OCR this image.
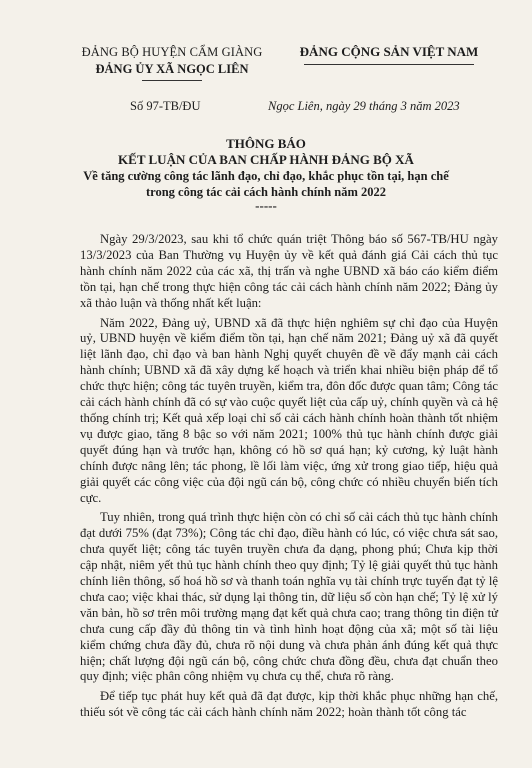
ĐẢNG BỘ HUYỆN CẨM GIÀNG
ĐẢNG ỦY XÃ NGỌC LIÊN
ĐẢNG CỘNG SẢN VIỆT NAM
Số 97-TB/ĐU	Ngọc Liên, ngày 29 tháng 3 năm 2023
THÔNG BÁO
KẾT LUẬN CỦA BAN CHẤP HÀNH ĐẢNG BỘ XÃ
Về tăng cường công tác lãnh đạo, chỉ đạo, khắc phục tồn tại, hạn chế
trong công tác cải cách hành chính năm 2022
-----

Ngày 29/3/2023, sau khi tổ chức quán triệt Thông báo số 567-TB/HU ngày 13/3/2023 của Ban Thường vụ Huyện ủy về kết quả đánh giá Cải cách thủ tục hành chính năm 2022 của các xã, thị trấn và nghe UBND xã báo cáo kiểm điểm tồn tại, hạn chế trong thực hiện công tác cải cách hành chính năm 2022; Đảng ủy xã thảo luận và thống nhất kết luận:

Năm 2022, Đảng uỷ, UBND xã đã thực hiện nghiêm sự chỉ đạo của Huyện uỷ, UBND huyện về kiểm điểm tồn tại, hạn chế năm 2021; Đảng uỷ xã đã quyết liệt lãnh đạo, chỉ đạo và ban hành Nghị quyết chuyên đề về đẩy mạnh cải cách hành chính; UBND xã đã xây dựng kế hoạch và triển khai nhiều biện pháp để tổ chức thực hiện; công tác tuyên truyền, kiểm tra, đôn đốc được quan tâm; Công tác cải cách hành chính đã có sự vào cuộc quyết liệt của cấp uỷ, chính quyền và cả hệ thống chính trị; Kết quả xếp loại chỉ số cải cách hành chính hoàn thành tốt nhiệm vụ được giao, tăng 8 bậc so với năm 2021; 100% thủ tục hành chính được giải quyết đúng hạn và trước hạn, không có hồ sơ quá hạn; kỷ cương, kỷ luật hành chính được nâng lên; tác phong, lề lối làm việc, ứng xử trong giao tiếp, hiệu quả giải quyết các công việc của đội ngũ cán bộ, công chức có nhiều chuyển biến tích cực.

Tuy nhiên, trong quá trình thực hiện còn có chỉ số cải cách thủ tục hành chính đạt dưới 75% (đạt 73%); Công tác chỉ đạo, điều hành có lúc, có việc chưa sát sao, chưa quyết liệt; công tác tuyên truyền chưa đa dạng, phong phú; Chưa kịp thời cập nhật, niêm yết thủ tục hành chính theo quy định; Tỷ lệ giải quyết thủ tục hành chính liên thông, số hoá hồ sơ và thanh toán nghĩa vụ tài chính trực tuyến đạt tỷ lệ chưa cao; việc khai thác, sử dụng lại thông tin, dữ liệu số còn hạn chế; Tỷ lệ xử lý văn bản, hồ sơ trên môi trường mạng đạt kết quả chưa cao; trang thông tin điện tử chưa cung cấp đầy đủ thông tin và tình hình hoạt động của xã; một số tài liệu kiểm chứng chưa đầy đủ, chưa rõ nội dung và chưa phản ánh đúng kết quả thực hiện; chất lượng đội ngũ cán bộ, công chức chưa đồng đều, chưa đạt chuẩn theo quy định; việc phân công nhiệm vụ chưa cụ thể, chưa rõ ràng.

Để tiếp tục phát huy kết quả đã đạt được, kịp thời khắc phục những hạn chế, thiếu sót về công tác cải cách hành chính năm 2022; hoàn thành tốt công tác
